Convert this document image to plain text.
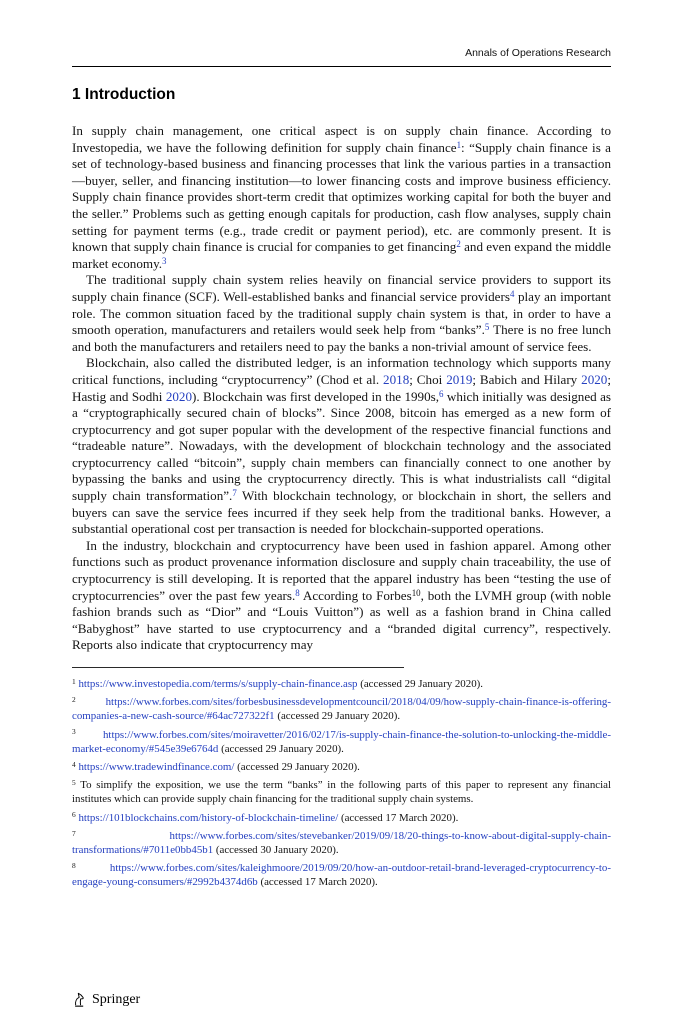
Annals of Operations Research
1 Introduction

In supply chain management, one critical aspect is on supply chain finance. According to Investopedia, we have the following definition for supply chain finance$^1$: “Supply chain finance is a set of technology-based business and financing processes that link the various parties in a transaction—buyer, seller, and financing institution—to lower financing costs and improve business efficiency. Supply chain finance provides short-term credit that optimizes working capital for both the buyer and the seller.” Problems such as getting enough capitals for production, cash flow analyses, supply chain setting for payment terms (e.g., trade credit or payment period), etc. are commonly present. It is known that supply chain finance is crucial for companies to get financing$^2$ and even expand the middle market economy.$^3$

The traditional supply chain system relies heavily on financial service providers to support its supply chain finance (SCF). Well-established banks and financial service providers$^4$ play an important role. The common situation faced by the traditional supply chain system is that, in order to have a smooth operation, manufacturers and retailers would seek help from “banks”.$^5$ There is no free lunch and both the manufacturers and retailers need to pay the banks a non-trivial amount of service fees.

Blockchain, also called the distributed ledger, is an information technology which supports many critical functions, including “cryptocurrency” (Chod et al. 2018; Choi 2019; Babich and Hilary 2020; Hastig and Sodhi 2020). Blockchain was first developed in the 1990s,$^6$ which initially was designed as a “cryptographically secured chain of blocks”. Since 2008, bitcoin has emerged as a new form of cryptocurrency and got super popular with the development of the respective financial functions and “tradeable nature”. Nowadays, with the development of blockchain technology and the associated cryptocurrency called “bitcoin”, supply chain members can financially connect to one another by bypassing the banks and using the cryptocurrency directly. This is what industrialists call “digital supply chain transformation”.$^7$ With blockchain technology, or blockchain in short, the sellers and buyers can save the service fees incurred if they seek help from the traditional banks. However, a substantial operational cost per transaction is needed for blockchain-supported operations.

In the industry, blockchain and cryptocurrency have been used in fashion apparel. Among other functions such as product provenance information disclosure and supply chain traceability, the use of cryptocurrency is still developing. It is reported that the apparel industry has been “testing the use of cryptocurrencies” over the past few years.$^8$ According to Forbes$^{10}$, both the LVMH group (with noble fashion brands such as “Dior” and “Louis Vuitton”) as well as a fashion brand in China called “Babyghost” have started to use cryptocurrency and a “branded digital currency”, respectively. Reports also indicate that cryptocurrency may

$^1$ https://www.investopedia.com/terms/s/supply-chain-finance.asp (accessed 29 January 2020).
$^2$	https://www.forbes.com/sites/forbesbusinessdevelopmentcouncil/2018/04/09/how-supply-chain-finance-is-offering-companies-a-new-cash-source/#64ac727322f1 (accessed 29 January 2020).
$^3$	https://www.forbes.com/sites/moiravetter/2016/02/17/is-supply-chain-finance-the-solution-to-unlocking-the-middle-market-economy/#545e39e6764d (accessed 29 January 2020).
$^4$ https://www.tradewindfinance.com/ (accessed 29 January 2020).
$^5$ To simplify the exposition, we use the term “banks” in the following parts of this paper to represent any financial institutes which can provide supply chain financing for the traditional supply chain systems.
$^6$ https://101blockchains.com/history-of-blockchain-timeline/ (accessed 17 March 2020).
$^7$	https://www.forbes.com/sites/stevebanker/2019/09/18/20-things-to-know-about-digital-supply-chain-transformations/#7011e0bb45b1 (accessed 30 January 2020).
$^8$	https://www.forbes.com/sites/kaleighmoore/2019/09/20/how-an-outdoor-retail-brand-leveraged-cryptocurrency-to-engage-young-consumers/#2992b4374d6b (accessed 17 March 2020).
Springer
